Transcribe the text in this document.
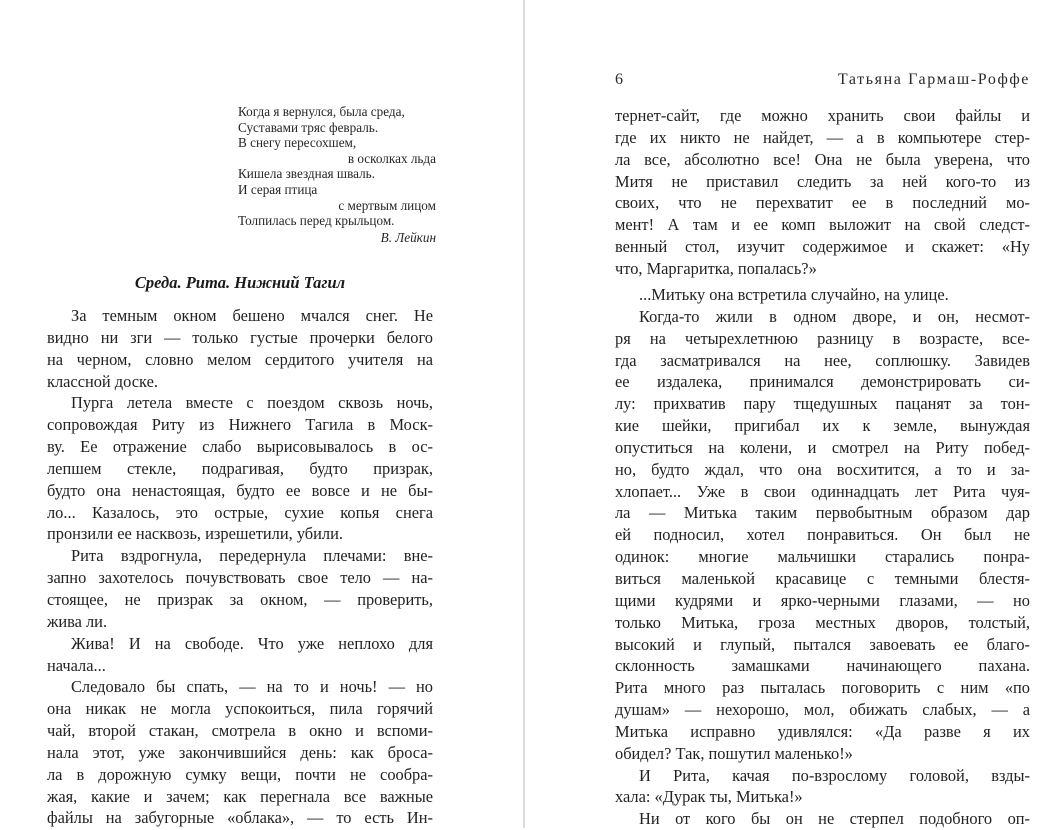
Когда я вернулся, была среда,
Суставами тряс февраль.
В снегу пересохшем,
в осколках льда
Кишела звездная шваль.
И серая птица
с мертвым лицом
Толпилась перед крыльцом.
В. Лейкин
Среда. Рита. Нижний Тагил
За темным окном бешено мчался снег. Не
видно ни зги — только густые прочерки белого
на черном, словно мелом сердитого учителя на
классной доске.
Пурга летела вместе с поездом сквозь ночь,
сопровождая Риту из Нижнего Тагила в Моск-
ву. Ее отражение слабо вырисовывалось в ос-
лепшем стекле, подрагивая, будто призрак,
будто она ненастоящая, будто ее вовсе и не бы-
ло... Казалось, это острые, сухие копья снега
пронзили ее насквозь, изрешетили, убили.
Рита вздрогнула, передернула плечами: вне-
запно захотелось почувствовать свое тело — на-
стоящее, не призрак за окном, — проверить,
жива ли.
Жива! И на свободе. Что уже неплохо для
начала...
Следовало бы спать, — на то и ночь! — но
она никак не могла успокоиться, пила горячий
чай, второй стакан, смотрела в окно и вспоми-
нала этот, уже закончившийся день: как броса-
ла в дорожную сумку вещи, почти не сообра-
жая, какие и зачем; как перегнала все важные
файлы на забугорные «облака», — то есть Ин-
6	Татьяна Гармаш-Роффе
тернет-сайт, где можно хранить свои файлы и
где их никто не найдет, — а в компьютере стер-
ла все, абсолютно все! Она не была уверена, что
Митя не приставил следить за ней кого-то из
своих, что не перехватит ее в последний мо-
мент! А там и ее комп выложит на свой следст-
венный стол, изучит содержимое и скажет: «Ну
что, Маргаритка, попалась?»
...Митьку она встретила случайно, на улице.
Когда-то жили в одном дворе, и он, несмот-
ря на четырехлетнюю разницу в возрасте, все-
гда засматривался на нее, соплюшку. Завидев
ее издалека, принимался демонстрировать си-
лу: прихватив пару тщедушных пацанят за тон-
кие шейки, пригибал их к земле, вынуждая
опуститься на колени, и смотрел на Риту побед-
но, будто ждал, что она восхитится, а то и за-
хлопает... Уже в свои одиннадцать лет Рита чуя-
ла — Митька таким первобытным образом дар
ей подносил, хотел понравиться. Он был не
одинок: многие мальчишки старались понра-
виться маленькой красавице с темными блестя-
щими кудрями и ярко-черными глазами, — но
только Митька, гроза местных дворов, толстый,
высокий и глупый, пытался завоевать ее благо-
склонность замашками начинающего пахана.
Рита много раз пыталась поговорить с ним «по
душам» — нехорошо, мол, обижать слабых, — а
Митька исправно удивлялся: «Да разве я их
обидел? Так, пошутил маленько!»
И Рита, качая по-взрослому головой, взды-
хала: «Дурак ты, Митька!»
Ни от кого бы он не стерпел подобного оп-
